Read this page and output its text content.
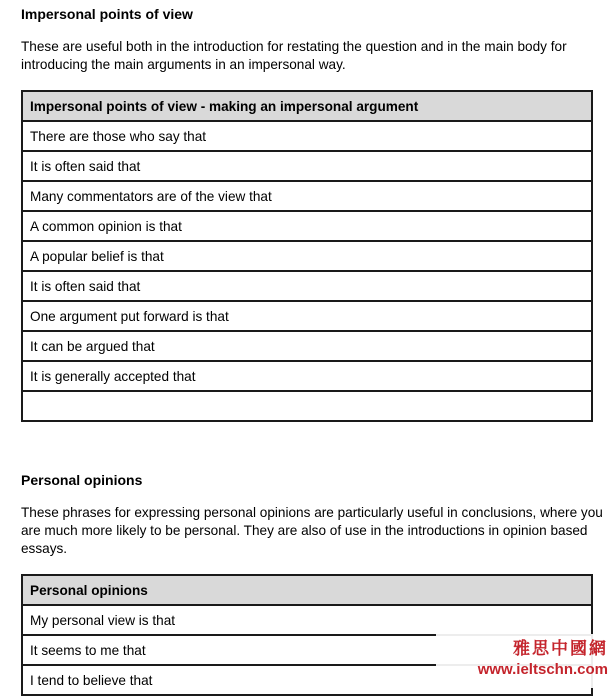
Impersonal points of view

These are useful both in the introduction for restating the question and in the main body for introducing the main arguments in an impersonal way.

Impersonal points of view - making an impersonal argument
There are those who say that
It is often said that
Many commentators are of the view that
A common opinion is that
A popular belief is that
It is often said that
One argument put forward is that
It can be argued that
It is generally accepted that

Personal opinions

These phrases for expressing personal opinions are particularly useful in conclusions, where you are much more likely to be personal. They are also of use in the introductions in opinion based essays.

Personal opinions
My personal view is that
It seems to me that
I tend to believe that
雅思中國網
www.ieltschn.com
